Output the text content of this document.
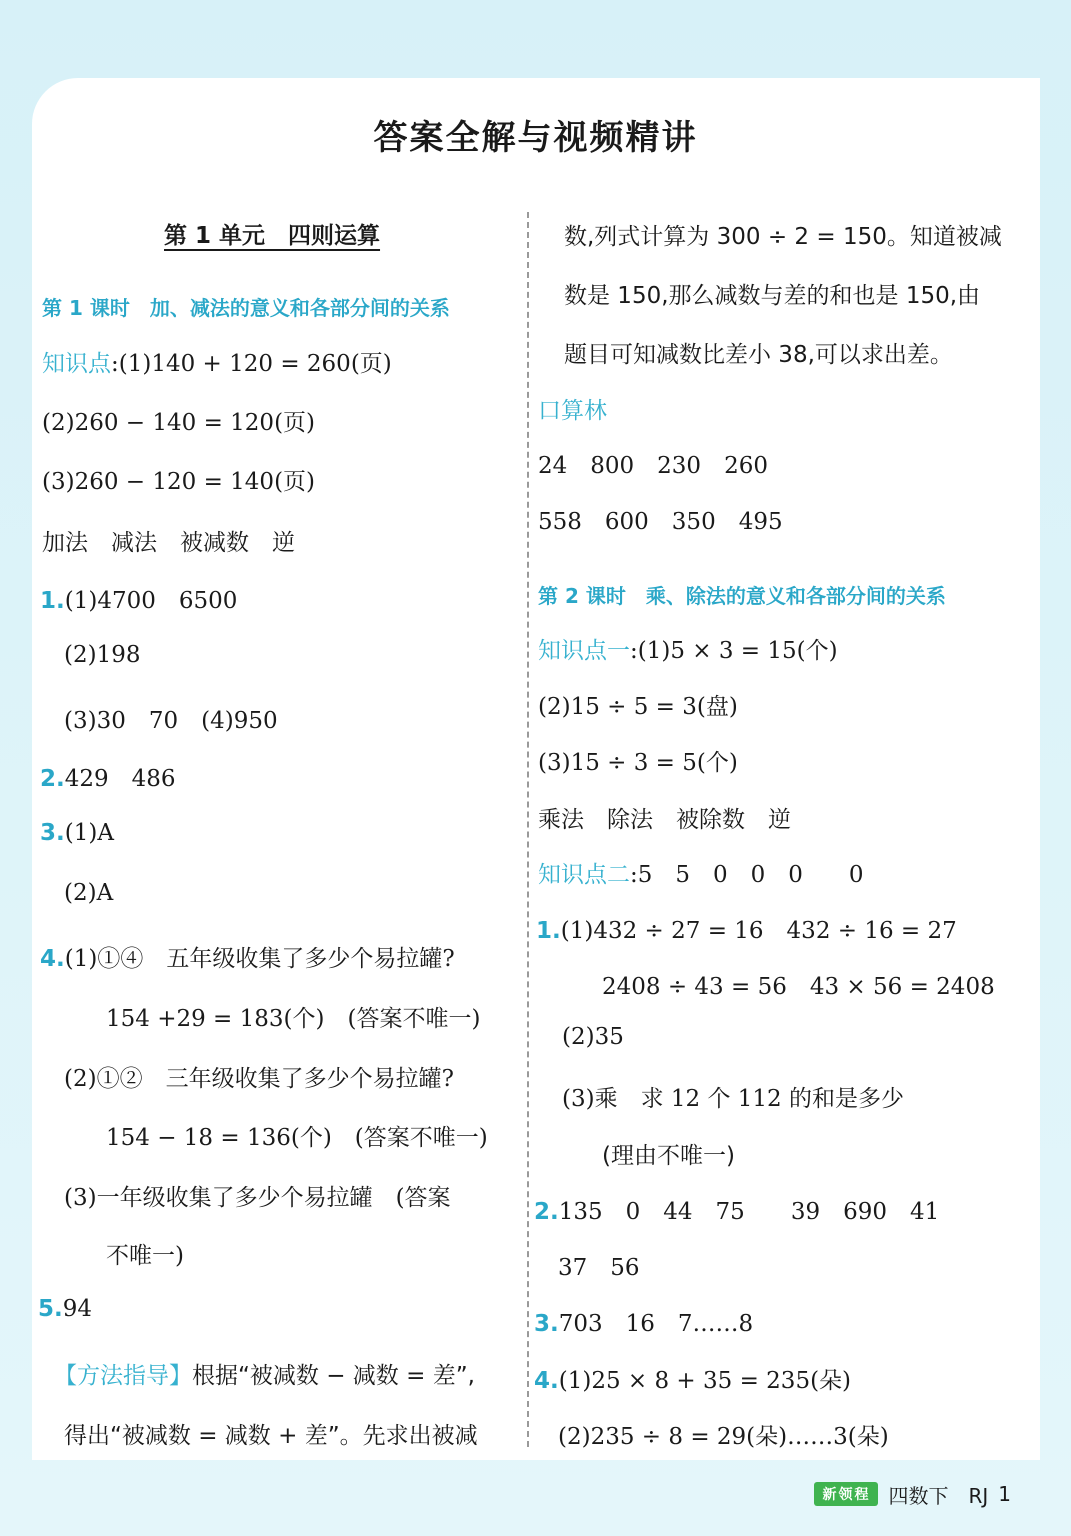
答案全解与视频精讲
第 1 单元　四则运算
第 1 课时　加、减法的意义和各部分间的关系
知识点:(1)140 + 120 = 260(页)
(2)260 − 140 = 120(页)
(3)260 − 120 = 140(页)
加法　减法　被减数　逆
1.(1)4700　6500
(2)198
(3)30　70　(4)950
2.429　486
3.(1)A
(2)A
4.(1)①④　五年级收集了多少个易拉罐?
154 +29 = 183(个)　(答案不唯一)
(2)①②　三年级收集了多少个易拉罐?
154 − 18 = 136(个)　(答案不唯一)
(3)一年级收集了多少个易拉罐　(答案
不唯一)
5.94
【方法指导】根据“被减数 − 减数 = 差”,
得出“被减数 = 减数 + 差”。先求出被减
数,列式计算为 300 ÷ 2 = 150。知道被减
数是 150,那么减数与差的和也是 150,由
题目可知减数比差小 38,可以求出差。
口算林
24　800　230　260
558　600　350　495
第 2 课时　乘、除法的意义和各部分间的关系
知识点一:(1)5 × 3 = 15(个)
(2)15 ÷ 5 = 3(盘)
(3)15 ÷ 3 = 5(个)
乘法　除法　被除数　逆
知识点二:5　5　0　0　0　　0
1.(1)432 ÷ 27 = 16　432 ÷ 16 = 27
2408 ÷ 43 = 56　43 × 56 = 2408
(2)35
(3)乘　求 12 个 112 的和是多少
(理由不唯一)
2.135　0　44　75　　39　690　41
37　56
3.703　16　7……8
4.(1)25 × 8 + 35 = 235(朵)
(2)235 ÷ 8 = 29(朵)……3(朵)
新领程 四数下　RJ 1
